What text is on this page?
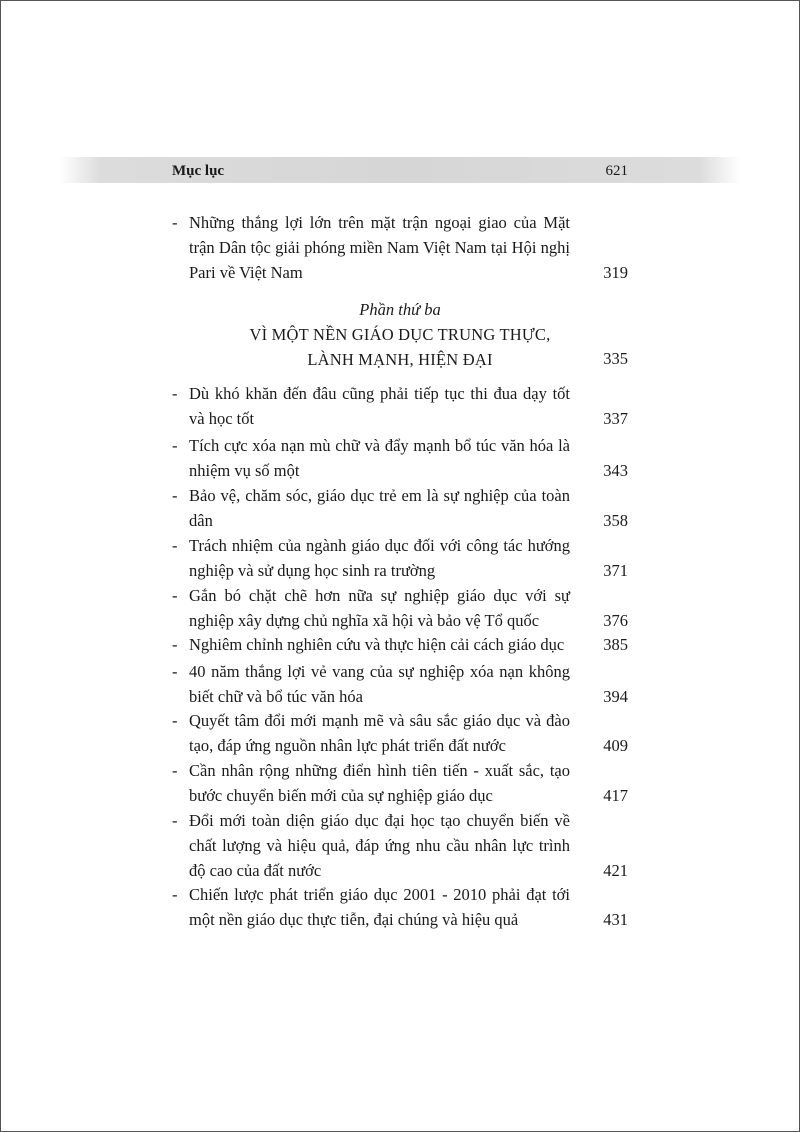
Mục lục	621
- Những thắng lợi lớn trên mặt trận ngoại giao của Mặt trận Dân tộc giải phóng miền Nam Việt Nam tại Hội nghị Pari về Việt Nam	319
Phần thứ ba
VÌ MỘT NỀN GIÁO DỤC TRUNG THỰC,
LÀNH MẠNH, HIỆN ĐẠI	335
- Dù khó khăn đến đâu cũng phải tiếp tục thi đua dạy tốt và học tốt	337
- Tích cực xóa nạn mù chữ và đẩy mạnh bổ túc văn hóa là nhiệm vụ số một	343
- Bảo vệ, chăm sóc, giáo dục trẻ em là sự nghiệp của toàn dân	358
- Trách nhiệm của ngành giáo dục đối với công tác hướng nghiệp và sử dụng học sinh ra trường	371
- Gắn bó chặt chẽ hơn nữa sự nghiệp giáo dục với sự nghiệp xây dựng chủ nghĩa xã hội và bảo vệ Tổ quốc	376
- Nghiêm chỉnh nghiên cứu và thực hiện cải cách giáo dục	385
- 40 năm thắng lợi vẻ vang của sự nghiệp xóa nạn không biết chữ và bổ túc văn hóa	394
- Quyết tâm đổi mới mạnh mẽ và sâu sắc giáo dục và đào tạo, đáp ứng nguồn nhân lực phát triển đất nước	409
- Cần nhân rộng những điển hình tiên tiến - xuất sắc, tạo bước chuyển biến mới của sự nghiệp giáo dục	417
- Đổi mới toàn diện giáo dục đại học tạo chuyển biến về chất lượng và hiệu quả, đáp ứng nhu cầu nhân lực trình độ cao của đất nước	421
- Chiến lược phát triển giáo dục 2001 - 2010 phải đạt tới một nền giáo dục thực tiễn, đại chúng và hiệu quả	431
